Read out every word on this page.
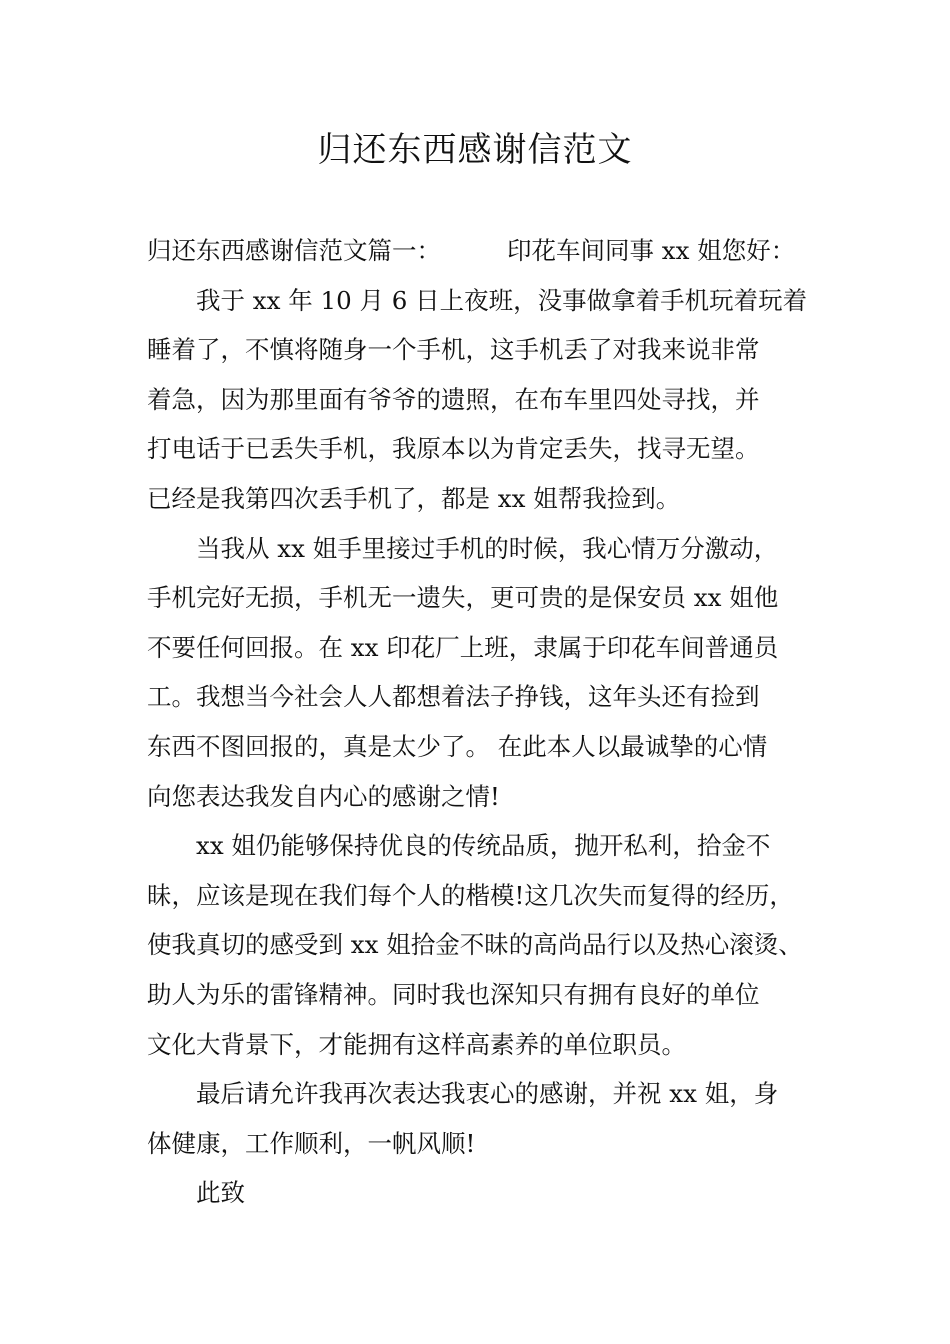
归还东西感谢信范文
归还东西感谢信范文篇一：	印花车间同事 xx 姐您好：
我于 xx 年 10 月 6 日上夜班，没事做拿着手机玩着玩着
睡着了，不慎将随身一个手机，这手机丢了对我来说非常
着急，因为那里面有爷爷的遗照，在布车里四处寻找，并
打电话于已丢失手机，我原本以为肯定丢失，找寻无望。
已经是我第四次丢手机了，都是 xx 姐帮我捡到。
当我从 xx 姐手里接过手机的时候，我心情万分激动，
手机完好无损，手机无一遗失，更可贵的是保安员 xx 姐他
不要任何回报。在 xx 印花厂上班，隶属于印花车间普通员
工。我想当今社会人人都想着法子挣钱，这年头还有捡到
东西不图回报的，真是太少了。 在此本人以最诚挚的心情
向您表达我发自内心的感谢之情!
xx 姐仍能够保持优良的传统品质，抛开私利，拾金不
昧，应该是现在我们每个人的楷模!这几次失而复得的经历，
使我真切的感受到 xx 姐拾金不昧的高尚品行以及热心滚烫、
助人为乐的雷锋精神。同时我也深知只有拥有良好的单位
文化大背景下，才能拥有这样高素养的单位职员。
最后请允许我再次表达我衷心的感谢，并祝 xx 姐，身
体健康，工作顺利，一帆风顺!
此致
